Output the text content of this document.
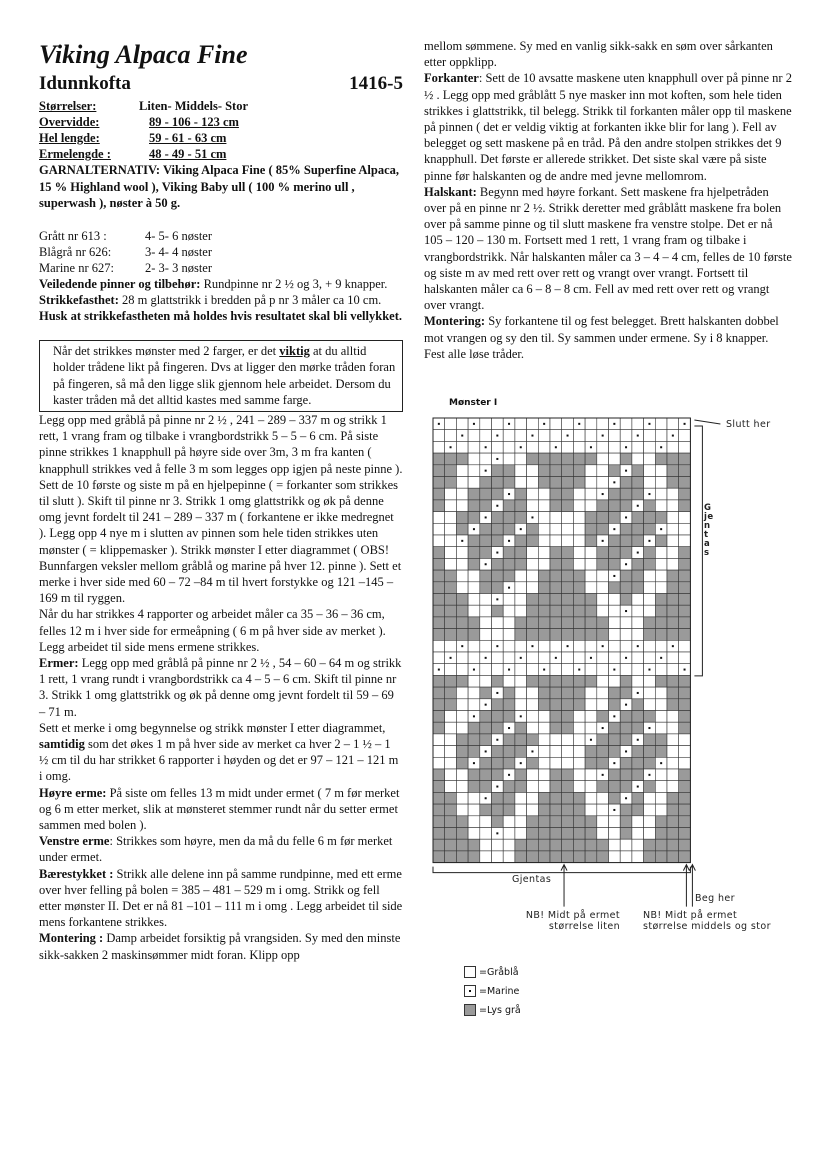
Viking Alpaca Fine
Idunnkofta	1416-5
Størrelser:	Liten- Middels- Stor
Overvidde:	89 - 106 - 123 cm
Hel lengde:	59 - 61 - 63 cm
Ermelengde :	48 - 49 - 51 cm
GARNALTERNATIV: Viking Alpaca Fine ( 85% Superfine Alpaca, 15 % Highland wool ), Viking Baby ull ( 100 % merino ull , superwash ), nøster à 50 g.
Grått nr 613 :	4- 5- 6 nøster
Blågrå nr 626:	3- 4- 4 nøster
Marine nr 627:	2- 3- 3 nøster

Veiledende pinner og tilbehør: Rundpinne nr 2 ½ og 3, + 9 knapper.

Strikkefasthet: 28 m glattstrikk i bredden på p nr 3 måler ca 10 cm. Husk at strikkefastheten må holdes hvis resultatet skal bli vellykket.

Når det strikkes mønster med 2 farger, er det viktig at du alltid holder trådene likt på fingeren. Dvs at ligger den mørke tråden foran på fingeren, så må den ligge slik gjennom hele arbeidet. Dersom du kaster tråden må det alltid kastes med samme farge.

Legg opp med gråblå på pinne nr 2 ½ , 241 – 289 – 337 m og strikk 1 rett, 1 vrang fram og tilbake i vrangbordstrikk 5 – 5 – 6 cm. På siste pinne strikkes 1 knapphull på høyre side over 3m, 3 m fra kanten ( knapphull strikkes ved å felle 3 m som legges opp igjen på neste pinne ). Sett de 10 første og siste m på en hjelpepinne ( = forkanter som strikkes til slutt ). Skift til pinne nr 3. Strikk 1 omg glattstrikk og øk på denne omg jevnt fordelt til 241 – 289 – 337 m ( forkantene er ikke medregnet ). Legg opp 4 nye m i slutten av pinnen som hele tiden strikkes uten mønster ( = klippemasker ). Strikk mønster I etter diagrammet ( OBS! Bunnfargen veksler mellom gråblå og marine på hver 12. pinne ). Sett et merke i hver side med 60 – 72 –84 m til hvert forstykke og 121 –145 – 169 m til ryggen.

Når du har strikkes 4 rapporter og arbeidet måler ca 35 – 36 – 36 cm, felles 12 m i hver side for ermeåpning ( 6 m på hver side av merket ). Legg arbeidet til side mens ermene strikkes.

Ermer: Legg opp med gråblå på pinne nr 2 ½ , 54 – 60 – 64 m og strikk 1 rett, 1 vrang rundt i vrangbordstrikk ca 4 – 5 – 6 cm. Skift til pinne nr 3. Strikk 1 omg glattstrikk og øk på denne omg jevnt fordelt til 59 – 69 – 71 m.

Sett et merke i omg begynnelse og strikk mønster I etter diagrammet, samtidig som det økes 1 m på hver side av merket ca hver 2 – 1 ½ – 1 ½ cm til du har strikket 6 rapporter i høyden og det er 97 – 121 – 121 m i omg.

Høyre erme: På siste om felles 13 m midt under ermet ( 7 m før merket og 6 m etter merket, slik at mønsteret stemmer rundt når du setter ermet sammen med bolen ).

Venstre erme: Strikkes som høyre, men da må du felle 6 m før merket under ermet.

Bærestykket : Strikk alle delene inn på samme rundpinne, med ett erme over hver felling på bolen = 385 – 481 – 529 m i omg. Strikk og fell etter mønster II. Det er nå 81 –101 – 111 m i omg . Legg arbeidet til side mens forkantene strikkes.

Montering : Damp arbeidet forsiktig på vrangsiden. Sy med den minste sikk-sakken 2 maskinsømmer midt foran. Klipp opp

mellom sømmene. Sy med en vanlig sikk-sakk en søm over sårkanten etter oppklipp.

Forkanter: Sett de 10 avsatte maskene uten knapphull over på pinne nr 2 ½ . Legg opp med gråblått 5 nye masker inn mot koften, som hele tiden strikkes i glattstrikk, til belegg. Strikk til forkanten måler opp til maskene på pinnen ( det er veldig viktig at forkanten ikke blir for lang ). Fell av belegget og sett maskene på en tråd. På den andre stolpen strikkes det 9 knapphull. Det første er allerede strikket. Det siste skal være på siste pinne før halskanten og de andre med jevne mellomrom.

Halskant: Begynn med høyre forkant. Sett maskene fra hjelpetråden over på en pinne nr 2 ½. Strikk deretter med gråblått maskene fra bolen over på samme pinne og til slutt maskene fra venstre stolpe. Det er nå 105 – 120 – 130 m. Fortsett med 1 rett, 1 vrang fram og tilbake i vrangbordstrikk. Når halskanten måler ca 3 – 4 – 4 cm, felles de 10 første og siste m av med rett over rett og vrangt over vrangt. Fortsett til halskanten måler ca 6 – 8 – 8 cm. Fell av med rett over rett og vrangt over vrangt.

Montering: Sy forkantene til og fest belegget. Brett halskanten dobbel mot vrangen og sy den til. Sy sammen under ermene. Sy i 8 knapper.

Fest alle løse tråder.

Mønster I
Slutt her
Gjentas
Gjentas
Beg her
NB! Midt på ermet størrelse liten
NB! Midt på ermet størrelse middels og stor
=Gråblå
=Marine
=Lys grå
